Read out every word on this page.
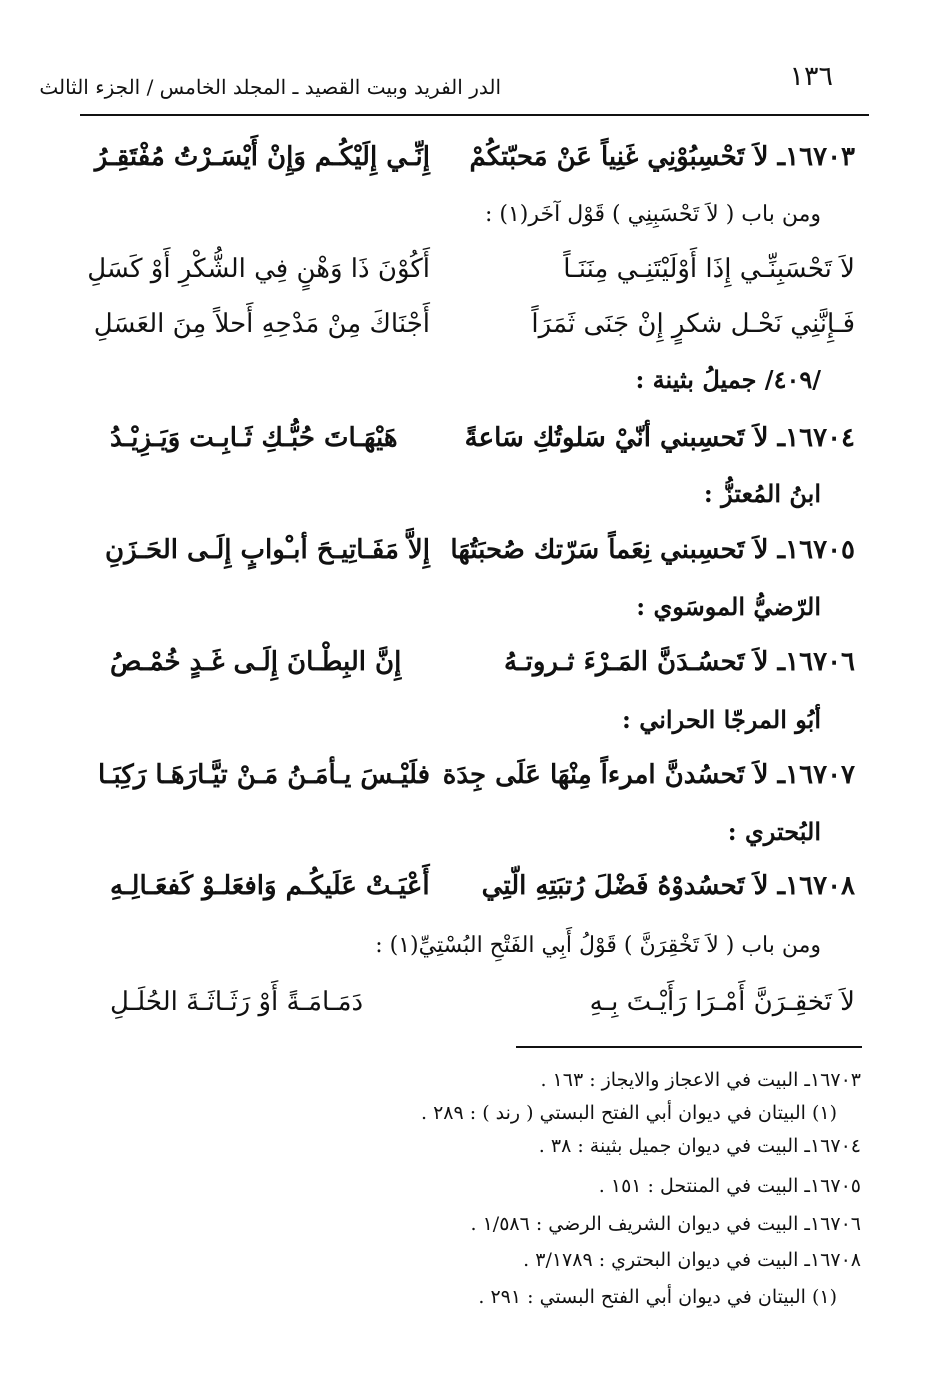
١٣٦
الدر الفريد وبيت القصيد ـ المجلد الخامس / الجزء الثالث
١٦٧٠٣ـ لاَ تَحْسِبُوْنِي غَنِياً عَنْ مَحبّتكُمْ
إِنِّـي إِلَيْكُـم وَإِنْ أَيْسَـرْتُ مُفْتَقِـرُ
ومن باب ( لاَ تَحْسَبِنِي ) قَوْل آخَر(١) :
لاَ تَحْسَبِنِّـي إِذَا أَوْلَيْتَنِـي مِنَنَـاً
أَكُوْنَ ذَا وَهْنٍ فِي الشُّكْرِ أَوْ كَسَلِ
فَـإِنَّنِي نَحْـل شكرٍ إِنْ جَنَى ثَمَرَاً
أَجْنَاكَ مِنْ مَدْحِهِ أَحلاً مِنَ العَسَلِ
/٤٠٩/ جميلُ بثينة :
١٦٧٠٤ـ لاَ تَحسِبني أنّيْ سَلوتُكِ سَاعةً
هَيْهَـاتَ حُبُّـكِ ثَـابِـت وَيَـزِيْـدُ
ابنُ المُعتزُّ :
١٦٧٠٥ـ لاَ تَحسِبني نِعَماً سَرّتك صُحبَتُهَا
إِلاَّ مَفَـاتِيـحَ أبـْوابٍ إِلَـى الحَـزَنِ
الرّضيُّ الموسَوي :
١٦٧٠٦ـ لاَ تَحسُـدَنَّ المَـرْءَ ثـروتـهُ
إِنَّ البِطْـانَ إِلَـى غَـدٍ خُمْـصُ
أبُو المرجّا الحراني :
١٦٧٠٧ـ لاَ تَحسُدنَّ امرءاً مِنْهَا عَلَى جِدَة
فلَيْـسَ يـأمَـنُ مَـنْ تيَّـارَهَـا رَكِبَـا
البُحتري :
١٦٧٠٨ـ لاَ تَحسُدوْهُ فَضْلَ رُتبَتِهِ الّتِي
أَعْيَـتْ عَلَيكُـم وَافعَلـوْ كَفعَـالِـهِ
ومن باب ( لاَ تَخْقِرَنَّ ) قَوْلُ أَبِي الفَتْحِ البُسْتِيِّ(١) :
لاَ تَخقِـرَنَّ أَمْـرَا رَأَيْـتَ بِـهِ
دَمَـامَـةً أَوْ رَثَـاثَـةَ الحُلَـلِ
١٦٧٠٣ـ البيت في الاعجاز والايجاز : ١٦٣ .
(١) البيتان في ديوان أبي الفتح البستي ( رند ) : ٢٨٩ .
١٦٧٠٤ـ البيت في ديوان جميل بثينة : ٣٨ .
١٦٧٠٥ـ البيت في المنتحل : ١٥١ .
١٦٧٠٦ـ البيت في ديوان الشريف الرضي : ١/٥٨٦ .
١٦٧٠٨ـ البيت في ديوان البحتري : ٣/١٧٨٩ .
(١) البيتان في ديوان أبي الفتح البستي : ٢٩١ .
